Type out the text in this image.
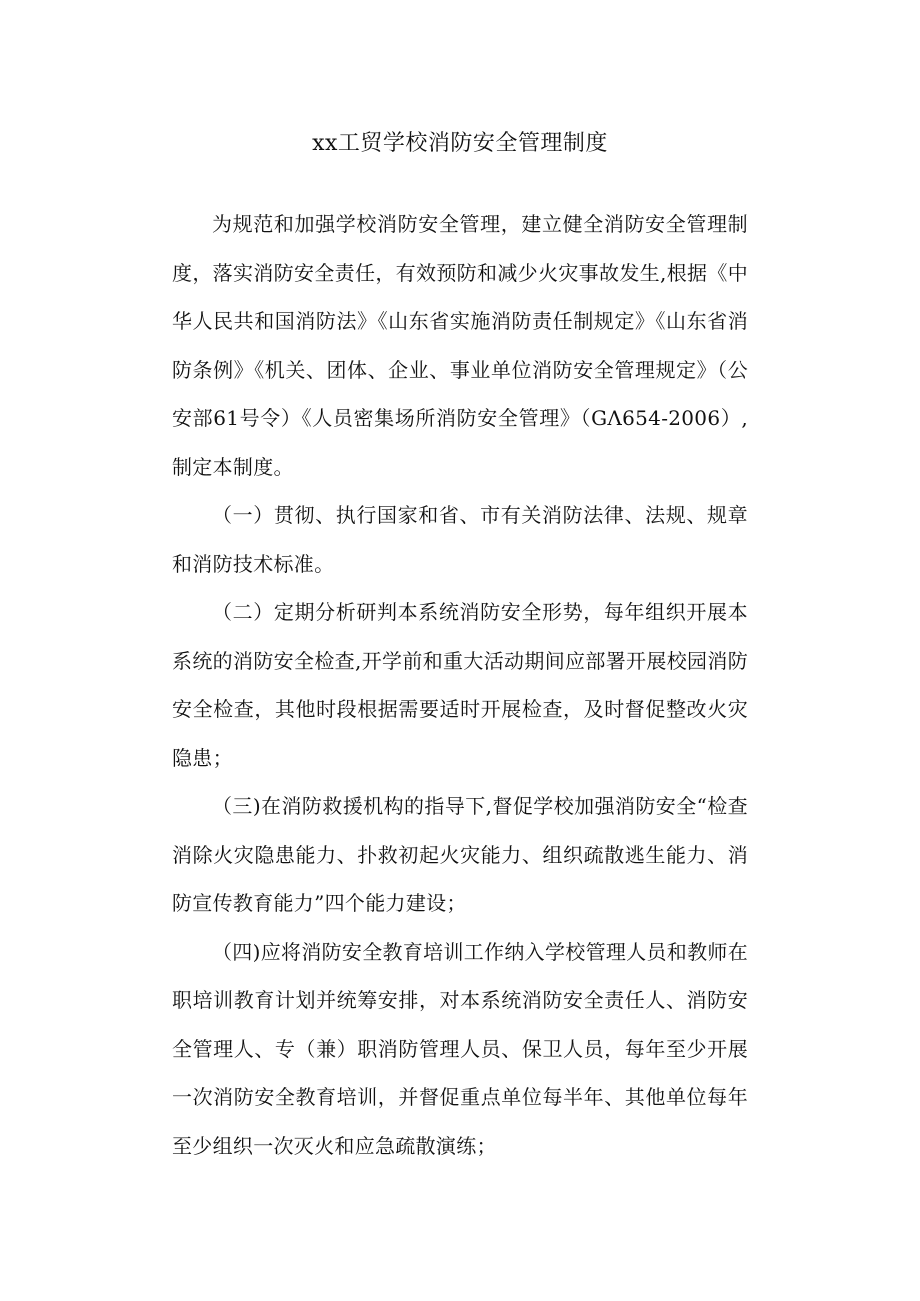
xx工贸学校消防安全管理制度

为规范和加强学校消防安全管理，建立健全消防安全管理制度，落实消防安全责任，有效预防和减少火灾事故发生,根据《中华人民共和国消防法》《山东省实施消防责任制规定》《山东省消防条例》《机关、团体、企业、事业单位消防安全管理规定》（公安部61号令）《人员密集场所消防安全管理》（GΛ654-2006）,制定本制度。

（一）贯彻、执行国家和省、市有关消防法律、法规、规章和消防技术标准。

（二）定期分析研判本系统消防安全形势，每年组织开展本系统的消防安全检查,开学前和重大活动期间应部署开展校园消防安全检查，其他时段根据需要适时开展检查，及时督促整改火灾隐患；

（三)在消防救援机构的指导下,督促学校加强消防安全“检查消除火灾隐患能力、扑救初起火灾能力、组织疏散逃生能力、消防宣传教育能力”四个能力建设；

（四)应将消防安全教育培训工作纳入学校管理人员和教师在职培训教育计划并统筹安排，对本系统消防安全责任人、消防安全管理人、专（兼）职消防管理人员、保卫人员，每年至少开展一次消防安全教育培训，并督促重点单位每半年、其他单位每年至少组织一次灭火和应急疏散演练；
